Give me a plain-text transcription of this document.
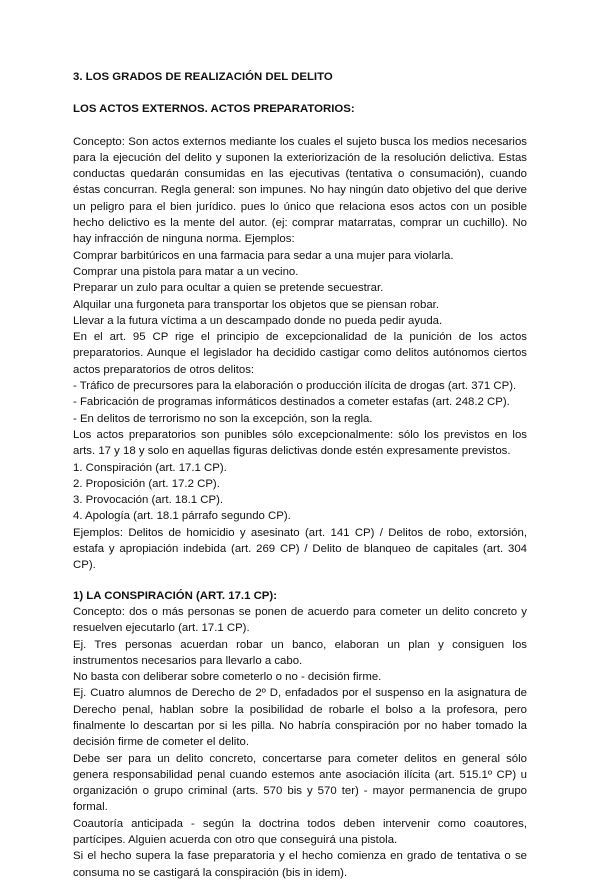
3. LOS GRADOS DE REALIZACIÓN DEL DELITO
LOS ACTOS EXTERNOS. ACTOS PREPARATORIOS:

Concepto: Son actos externos mediante los cuales el sujeto busca los medios necesarios para la ejecución del delito y suponen la exteriorización de la resolución delictiva. Estas conductas quedarán consumidas en las ejecutivas (tentativa o consumación), cuando éstas concurran. Regla general: son impunes. No hay ningún dato objetivo del que derive un peligro para el bien jurídico. pues lo único que relaciona esos actos con un posible hecho delictivo es la mente del autor. (ej: comprar matarratas, comprar un cuchillo). No hay infracción de ninguna norma. Ejemplos:

Comprar barbitúricos en una farmacia para sedar a una mujer para violarla.

Comprar una pistola para matar a un vecino.

Preparar un zulo para ocultar a quien se pretende secuestrar.

Alquilar una furgoneta para transportar los objetos que se piensan robar.

Llevar a la futura víctima a un descampado donde no pueda pedir ayuda.

En el art. 95 CP rige el principio de excepcionalidad de la punición de los actos preparatorios. Aunque el legislador ha decidido castigar como delitos autónomos ciertos actos preparatorios de otros delitos:

- Tráfico de precursores para la elaboración o producción ilícita de drogas (art. 371 CP).

- Fabricación de programas informáticos destinados a cometer estafas (art. 248.2 CP).

- En delitos de terrorismo no son la excepción, son la regla.

Los actos preparatorios son punibles sólo excepcionalmente: sólo los previstos en los arts. 17 y 18 y solo en aquellas figuras delictivas donde estén expresamente previstos.

1. Conspiración (art. 17.1 CP).

2. Proposición (art. 17.2 CP).

3. Provocación (art. 18.1 CP).

4. Apología (art. 18.1 párrafo segundo CP).

Ejemplos: Delitos de homicidio y asesinato (art. 141 CP) / Delitos de robo, extorsión, estafa y apropiación indebida (art. 269 CP) / Delito de blanqueo de capitales (art. 304 CP).

1) LA CONSPIRACIÓN (ART. 17.1 CP):

Concepto: dos o más personas se ponen de acuerdo para cometer un delito concreto y resuelven ejecutarlo (art. 17.1 CP).

Ej. Tres personas acuerdan robar un banco, elaboran un plan y consiguen los instrumentos necesarios para llevarlo a cabo.

No basta con deliberar sobre cometerlo o no - decisión firme.

Ej. Cuatro alumnos de Derecho de 2º D, enfadados por el suspenso en la asignatura de Derecho penal, hablan sobre la posibilidad de robarle el bolso a la profesora, pero finalmente lo descartan por si les pilla. No habría conspiración por no haber tomado la decisión firme de cometer el delito.

Debe ser para un delito concreto, concertarse para cometer delitos en general sólo genera responsabilidad penal cuando estemos ante asociación ilícita (art. 515.1º CP) u organización o grupo criminal (arts. 570 bis y 570 ter) - mayor permanencia de grupo formal.

Coautoría anticipada - según la doctrina todos deben intervenir como coautores, partícipes. Alguien acuerda con otro que conseguirá una pistola.

Si el hecho supera la fase preparatoria y el hecho comienza en grado de tentativa o se consuma no se castigará la conspiración (bis in idem).
